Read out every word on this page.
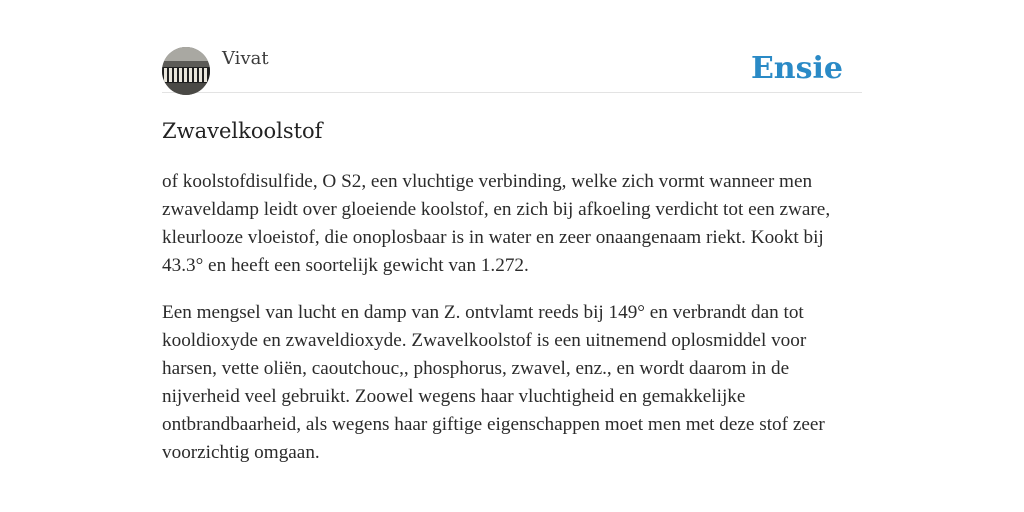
Vivat	Ensie
Zwavelkoolstof

of koolstofdisulfide, O S2, een vluchtige verbinding, welke zich vormt wanneer men zwaveldamp leidt over gloeiende koolstof, en zich bij afkoeling verdicht tot een zware, kleurlooze vloeistof, die onoplosbaar is in water en zeer onaangenaam riekt. Kookt bij 43.3° en heeft een soortelijk gewicht van 1.272.

Een mengsel van lucht en damp van Z. ontvlamt reeds bij 149° en verbrandt dan tot kooldioxyde en zwaveldioxyde. Zwavelkoolstof is een uitnemend oplosmiddel voor harsen, vette oliën, caoutchouc,, phosphorus, zwavel, enz., en wordt daarom in de nijverheid veel gebruikt. Zoowel wegens haar vluchtigheid en gemakkelijke ontbrandbaarheid, als wegens haar giftige eigenschappen moet men met deze stof zeer voorzichtig omgaan.
